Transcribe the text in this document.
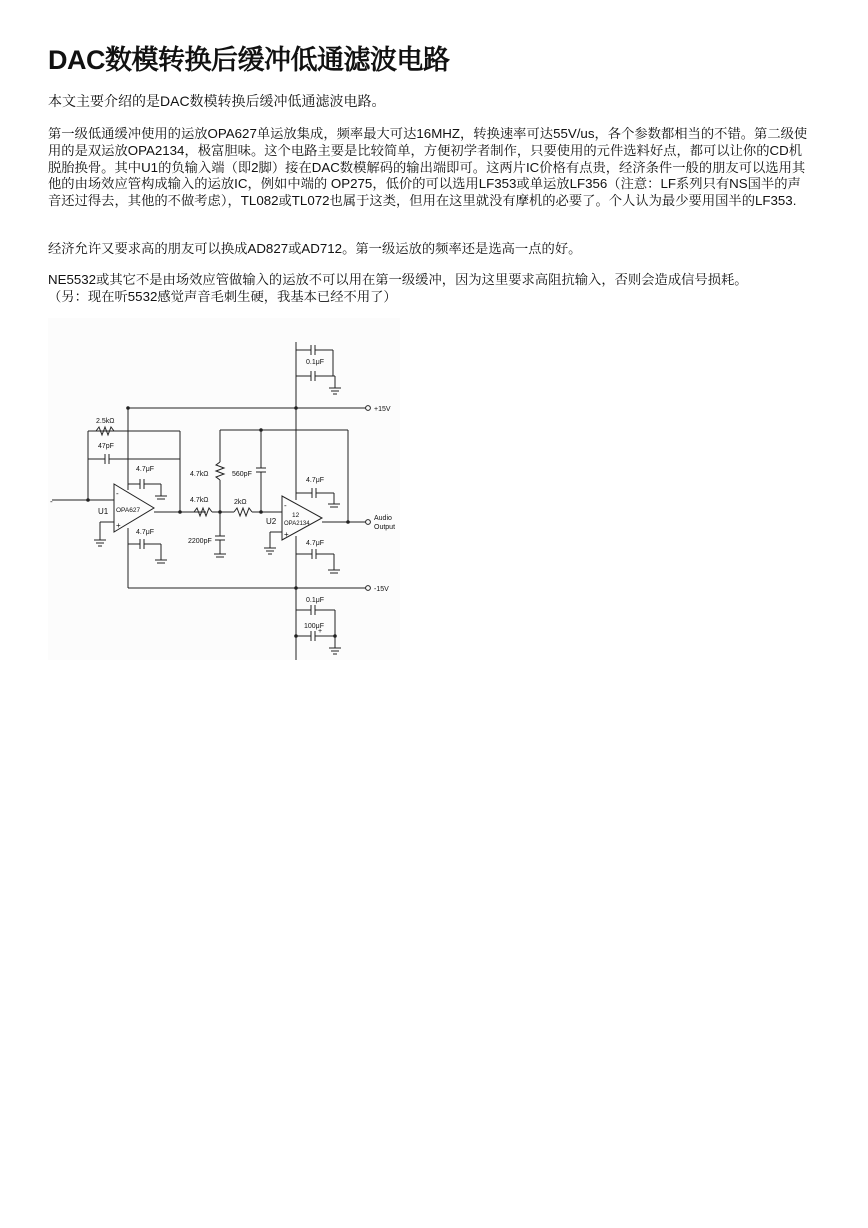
DAC数模转换后缓冲低通滤波电路

本文主要介绍的是DAC数模转换后缓冲低通滤波电路。

第一级低通缓冲使用的运放OPA627单运放集成，频率最大可达16MHZ，转换速率可达55V/us，各个参数都相当的不错。第二级使用的是双运放OPA2134，极富胆味。这个电路主要是比较简单，方便初学者制作，只要使用的元件选料好点，都可以让你的CD机脱胎换骨。其中U1的负输入端（即2脚）接在DAC数模解码的输出端即可。这两片IC价格有点贵，经济条件一般的朋友可以选用其他的由场效应管构成输入的运放IC，例如中端的 OP275，低价的可以选用LF353或单运放LF356（注意：LF系列只有NS国半的声音还过得去，其他的不做考虑），TL082或TL072也属于这类，但用在这里就没有摩机的必要了。个人认为最少要用国半的LF353.

经济允许又要求高的朋友可以换成AD827或AD712。第一级运放的频率还是选高一点的好。

NE5532或其它不是由场效应管做输入的运放不可以用在第一级缓冲，因为这里要求高阻抗输入，否则会造成信号损耗。
（另：现在听5532感觉声音毛刺生硬，我基本已经不用了）
0.1μF
+15V
2.5kΩ
47pF
4.7μF
4.7μF
4.7kΩ	560pF
4.7kΩ	2kΩ
2200pF
4.7μF
4.7μF
U1 OPA627
U2
12
OPA2134
-
+
-
+
-
Audio
Output
-15V
0.1μF
100μF
+
